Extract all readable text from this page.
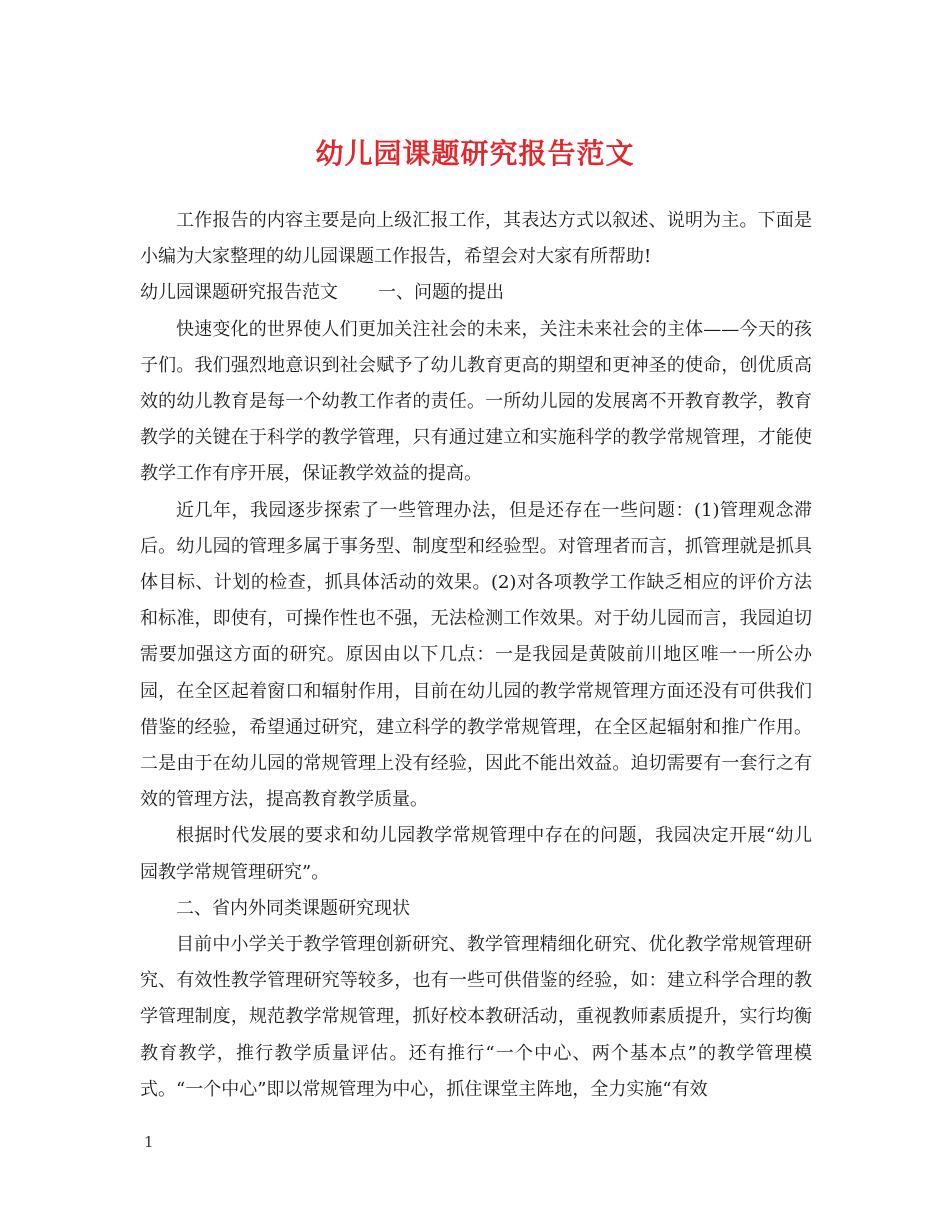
幼儿园课题研究报告范文

工作报告的内容主要是向上级汇报工作，其表达方式以叙述、说明为主。下面是小编为大家整理的幼儿园课题工作报告，希望会对大家有所帮助!

幼儿园课题研究报告范文 一、问题的提出

快速变化的世界使人们更加关注社会的未来，关注未来社会的主体——今天的孩子们。我们强烈地意识到社会赋予了幼儿教育更高的期望和更神圣的使命，创优质高效的幼儿教育是每一个幼教工作者的责任。一所幼儿园的发展离不开教育教学，教育教学的关键在于科学的教学管理，只有通过建立和实施科学的教学常规管理，才能使教学工作有序开展，保证教学效益的提高。

近几年，我园逐步探索了一些管理办法，但是还存在一些问题：(1)管理观念滞后。幼儿园的管理多属于事务型、制度型和经验型。对管理者而言，抓管理就是抓具体目标、计划的检查，抓具体活动的效果。(2)对各项教学工作缺乏相应的评价方法和标准，即使有，可操作性也不强，无法检测工作效果。对于幼儿园而言，我园迫切需要加强这方面的研究。原因由以下几点：一是我园是黄陂前川地区唯一一所公办园，在全区起着窗口和辐射作用，目前在幼儿园的教学常规管理方面还没有可供我们借鉴的经验，希望通过研究，建立科学的教学常规管理，在全区起辐射和推广作用。二是由于在幼儿园的常规管理上没有经验，因此不能出效益。迫切需要有一套行之有效的管理方法，提高教育教学质量。

根据时代发展的要求和幼儿园教学常规管理中存在的问题，我园决定开展“幼儿园教学常规管理研究”。

二、省内外同类课题研究现状

目前中小学关于教学管理创新研究、教学管理精细化研究、优化教学常规管理研究、有效性教学管理研究等较多，也有一些可供借鉴的经验，如：建立科学合理的教学管理制度，规范教学常规管理，抓好校本教研活动，重视教师素质提升，实行均衡教育教学，推行教学质量评估。还有推行“一个中心、两个基本点”的教学管理模式。“一个中心”即以常规管理为中心，抓住课堂主阵地，全力实施“有效

1
